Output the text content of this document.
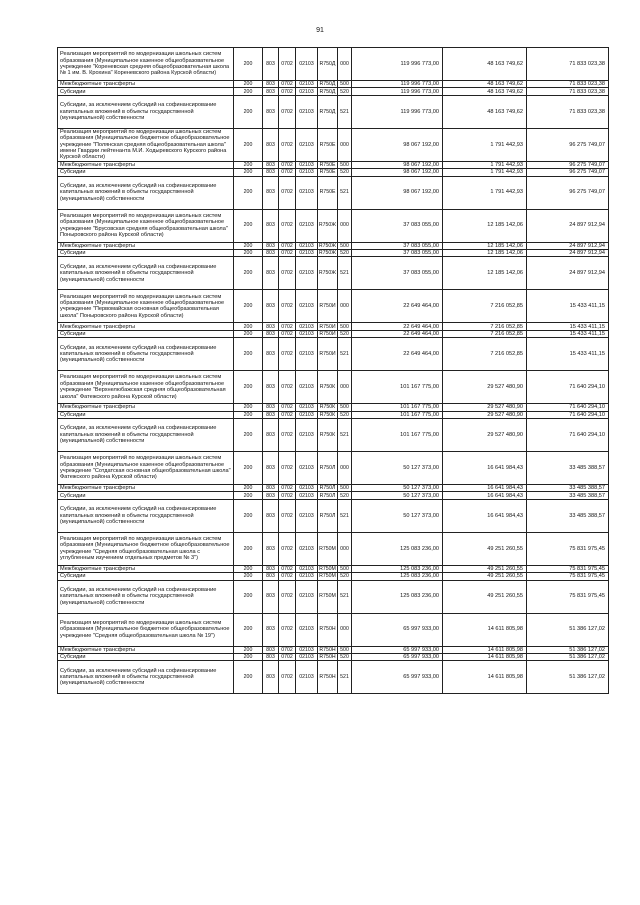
91
Реализация мероприятий по модернизации школьных систем образования (Муниципальное казенное общеобразовательное учреждение "Кореневская средняя общеобразовательная школа № 1 им. В. Крохина" Кореневского района Курской области)	200	803	0702	02103	R750Д	000	119 996 773,00	48 163 749,62	71 833 023,38
Межбюджетные трансферты	200	803	0702	02103	R750Д	500	119 996 773,00	48 163 749,62	71 833 023,38
Субсидии	200	803	0702	02103	R750Д	520	119 996 773,00	48 163 749,62	71 833 023,38
Субсидии, за исключением субсидий на софинансирование капитальных вложений в объекты государственной (муниципальной) собственности	200	803	0702	02103	R750Д	521	119 996 773,00	48 163 749,62	71 833 023,38
Реализация мероприятий по модернизации школьных систем образования (Муниципальное бюджетное общеобразовательное учреждение "Полянская средняя общеобразовательная школа" имени Гвардии лейтенанта М.И. Ходыревского Курского района Курской области)	200	803	0702	02103	R750Е	000	98 067 192,00	1 791 442,93	96 275 749,07
Межбюджетные трансферты	200	803	0702	02103	R750Е	500	98 067 192,00	1 791 442,93	96 275 749,07
Субсидии	200	803	0702	02103	R750Е	520	98 067 192,00	1 791 442,93	96 275 749,07
Субсидии, за исключением субсидий на софинансирование капитальных вложений в объекты государственной (муниципальной) собственности	200	803	0702	02103	R750Е	521	98 067 192,00	1 791 442,93	96 275 749,07
Реализация мероприятий по модернизации школьных систем образования (Муниципальное казенное общеобразовательное учреждение "Брусовская средняя общеобразовательная школа" Поныровского района Курской области)	200	803	0702	02103	R750Ж	000	37 083 055,00	12 185 142,06	24 897 912,94
Межбюджетные трансферты	200	803	0702	02103	R750Ж	500	37 083 055,00	12 185 142,06	24 897 912,94
Субсидии	200	803	0702	02103	R750Ж	520	37 083 055,00	12 185 142,06	24 897 912,94
Субсидии, за исключением субсидий на софинансирование капитальных вложений в объекты государственной (муниципальной) собственности	200	803	0702	02103	R750Ж	521	37 083 055,00	12 185 142,06	24 897 912,94
Реализация мероприятий по модернизации школьных систем образования (Муниципальное казенное общеобразовательное учреждение "Первомайская основная общеобразовательная школа" Поныровского района Курской области)	200	803	0702	02103	R750И	000	22 649 464,00	7 216 052,85	15 433 411,15
Межбюджетные трансферты	200	803	0702	02103	R750И	500	22 649 464,00	7 216 052,85	15 433 411,15
Субсидии	200	803	0702	02103	R750И	520	22 649 464,00	7 216 052,85	15 433 411,15
Субсидии, за исключением субсидий на софинансирование капитальных вложений в объекты государственной (муниципальной) собственности	200	803	0702	02103	R750И	521	22 649 464,00	7 216 052,85	15 433 411,15
Реализация мероприятий по модернизации школьных систем образования (Муниципальное казенное общеобразовательное учреждение "Верхнелюбажская средняя общеобразовательная школа" Фатежского района Курской области)	200	803	0702	02103	R750К	000	101 167 775,00	29 527 480,90	71 640 294,10
Межбюджетные трансферты	200	803	0702	02103	R750К	500	101 167 775,00	29 527 480,90	71 640 294,10
Субсидии	200	803	0702	02103	R750К	520	101 167 775,00	29 527 480,90	71 640 294,10
Субсидии, за исключением субсидий на софинансирование капитальных вложений в объекты государственной (муниципальной) собственности	200	803	0702	02103	R750К	521	101 167 775,00	29 527 480,90	71 640 294,10
Реализация мероприятий по модернизации школьных систем образования (Муниципальное казенное общеобразовательное учреждение "Сотдатская основная общеобразовательная школа" Фатежского района Курской области)	200	803	0702	02103	R750Л	000	50 127 373,00	16 641 984,43	33 485 388,57
Межбюджетные трансферты	200	803	0702	02103	R750Л	500	50 127 373,00	16 641 984,43	33 485 388,57
Субсидии	200	803	0702	02103	R750Л	520	50 127 373,00	16 641 984,43	33 485 388,57
Субсидии, за исключением субсидий на софинансирование капитальных вложений в объекты государственной (муниципальной) собственности	200	803	0702	02103	R750Л	521	50 127 373,00	16 641 984,43	33 485 388,57
Реализация мероприятий по модернизации школьных систем образования (Муниципальное бюджетное общеобразовательное учреждение "Средняя общеобразовательная школа с углубленным изучением отдельных предметов № 3")	200	803	0702	02103	R750М	000	125 083 236,00	49 251 260,55	75 831 975,45
Межбюджетные трансферты	200	803	0702	02103	R750М	500	125 083 236,00	49 251 260,55	75 831 975,45
Субсидии	200	803	0702	02103	R750М	520	125 083 236,00	49 251 260,55	75 831 975,45
Субсидии, за исключением субсидий на софинансирование капитальных вложений в объекты государственной (муниципальной) собственности	200	803	0702	02103	R750М	521	125 083 236,00	49 251 260,55	75 831 975,45
Реализация мероприятий по модернизации школьных систем образования (Муниципальное бюджетное общеобразовательное учреждение "Средняя общеобразовательная школа № 19")	200	803	0702	02103	R750Н	000	65 997 933,00	14 611 805,98	51 386 127,02
Межбюджетные трансферты	200	803	0702	02103	R750Н	500	65 997 933,00	14 611 805,98	51 386 127,02
Субсидии	200	803	0702	02103	R750Н	520	65 997 933,00	14 611 805,98	51 386 127,02
Субсидии, за исключением субсидий на софинансирование капитальных вложений в объекты государственной (муниципальной) собственности	200	803	0702	02103	R750Н	521	65 997 933,00	14 611 805,98	51 386 127,02
